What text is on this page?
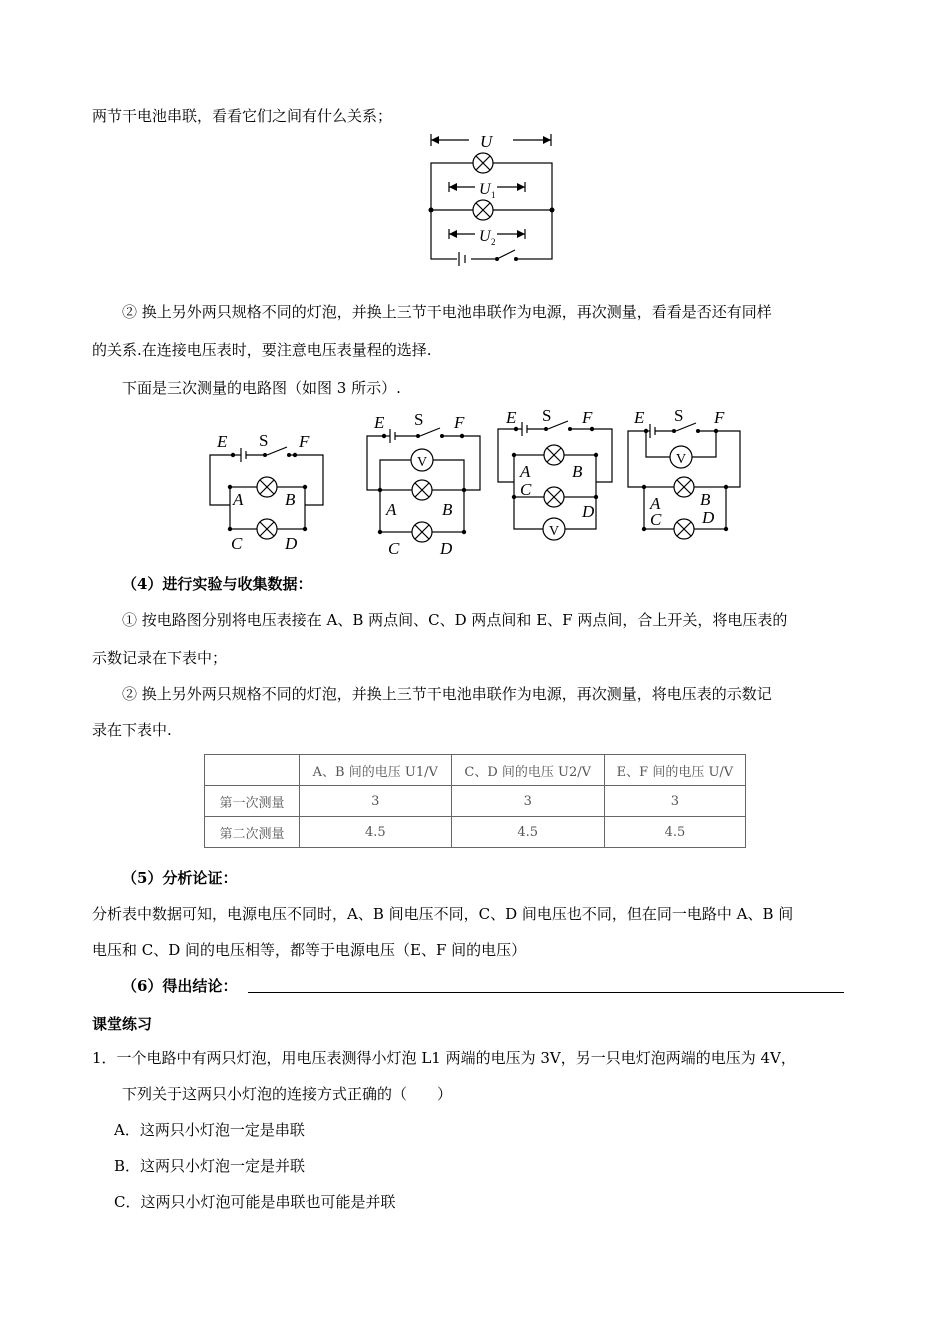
两节干电池串联，看看它们之间有什么关系；
U
U 1
U 2
② 换上另外两只规格不同的灯泡，并换上三节干电池串联作为电源，再次测量，看看是否还有同样
的关系.在连接电压表时，要注意电压表量程的选择.
下面是三次测量的电路图（如图 3 所示）.
E S F
A B
C	D
V
E S F
A	B
C D
V
E S F
A B
C
D
V
E S F
A B
C D
（4）进行实验与收集数据：
① 按电路图分别将电压表接在 A、B 两点间、C、D 两点间和 E、F 两点间，合上开关，将电压表的
示数记录在下表中；
② 换上另外两只规格不同的灯泡，并换上三节干电池串联作为电源，再次测量，将电压表的示数记
录在下表中.
	A、B 间的电压 U1/V	C、D 间的电压 U2/V	E、F 间的电压 U/V
第一次测量	3	3	3
第二次测量	4.5	4.5	4.5
（5）分析论证：
分析表中数据可知，电源电压不同时，A、B 间电压不同，C、D 间电压也不同，但在同一电路中 A、B 间
电压和 C、D 间的电压相等，都等于电源电压（E、F 间的电压）
（6）得出结论：
课堂练习
1．一个电路中有两只灯泡，用电压表测得小灯泡 L1 两端的电压为 3V，另一只电灯泡两端的电压为 4V，
下列关于这两只小灯泡的连接方式正确的（　　）
A．这两只小灯泡一定是串联
B．这两只小灯泡一定是并联
C．这两只小灯泡可能是串联也可能是并联
